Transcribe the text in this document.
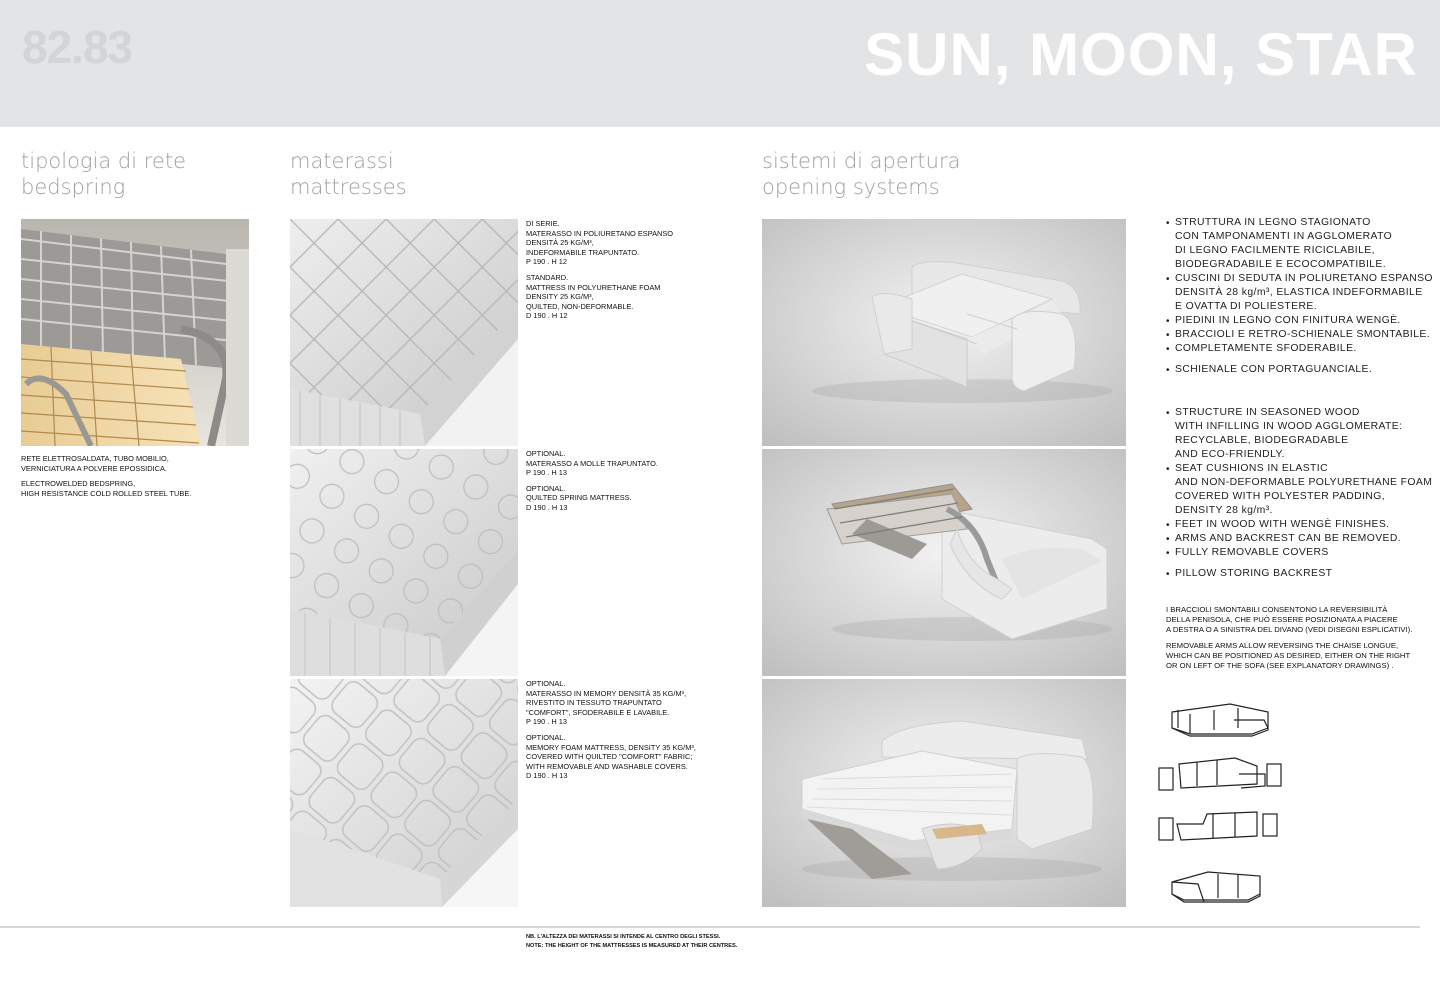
82.83	SUN, MOON, STAR
tipologia di rete
bedspring
materassi
mattresses
sistemi di apertura
opening systems

RETE ELETTROSALDATA, TUBO MOBILIO,

VERNICIATURA A POLVERE EPOSSIDICA.

ELECTROWELDED BEDSPRING,

HIGH RESISTANCE COLD ROLLED STEEL TUBE.

DI SERIE.

MATERASSO IN POLIURETANO ESPANSO

DENSITÀ 25 KG/M³,

INDEFORMABILE TRAPUNTATO.

P 190 . H 12

STANDARD.

MATTRESS IN POLYURETHANE FOAM

DENSITY 25 KG/M³,

QUILTED, NON-DEFORMABLE.

D 190 . H 12

OPTIONAL.

MATERASSO A MOLLE TRAPUNTATO.

P 190 . H 13

OPTIONAL.

QUILTED SPRING MATTRESS.

D 190 . H 13

OPTIONAL.

MATERASSO IN MEMORY DENSITÀ 35 KG/M³,

RIVESTITO IN TESSUTO TRAPUNTATO

"COMFORT", SFODERABILE E LAVABILE.

P 190 . H 13

OPTIONAL.

MEMORY FOAM MATTRESS, DENSITY 35 KG/M³,

COVERED WITH QUILTED "COMFORT" FABRIC;

WITH REMOVABLE AND WASHABLE COVERS.

D 190 . H 13

• STRUTTURA IN LEGNO STAGIONATO
CON TAMPONAMENTI IN AGGLOMERATO
DI LEGNO FACILMENTE RICICLABILE,
BIODEGRADABILE E ECOCOMPATIBILE.
• CUSCINI DI SEDUTA IN POLIURETANO ESPANSO
DENSITÀ 28 kg/m³, ELASTICA INDEFORMABILE
E OVATTA DI POLIESTERE.
• PIEDINI IN LEGNO CON FINITURA WENGÈ.
• BRACCIOLI E RETRO-SCHIENALE SMONTABILE.
• COMPLETAMENTE SFODERABILE.
• SCHIENALE CON PORTAGUANCIALE.
• STRUCTURE IN SEASONED WOOD
WITH INFILLING IN WOOD AGGLOMERATE:
RECYCLABLE, BIODEGRADABLE
AND ECO-FRIENDLY.
• SEAT CUSHIONS IN ELASTIC
AND NON-DEFORMABLE POLYURETHANE FOAM
COVERED WITH POLYESTER PADDING,
DENSITY 28 kg/m³.
• FEET IN WOOD WITH WENGÈ FINISHES.
• ARMS AND BACKREST CAN BE REMOVED.
• FULLY REMOVABLE COVERS
• PILLOW STORING BACKREST

I BRACCIOLI SMONTABILI CONSENTONO LA REVERSIBILITÀ

DELLA PENISOLA, CHE PUÒ ESSERE POSIZIONATA A PIACERE

A DESTRA O A SINISTRA DEL DIVANO (VEDI DISEGNI ESPLICATIVI).

REMOVABLE ARMS ALLOW REVERSING THE CHAISE LONGUE,

WHICH CAN BE POSITIONED AS DESIRED, EITHER ON THE RIGHT

OR ON LEFT OF THE SOFA (SEE EXPLANATORY DRAWINGS) .

NB. L'ALTEZZA DEI MATERASSI SI INTENDE AL CENTRO DEGLI STESSI.

NOTE: THE HEIGHT OF THE MATTRESSES IS MEASURED AT THEIR CENTRES.
